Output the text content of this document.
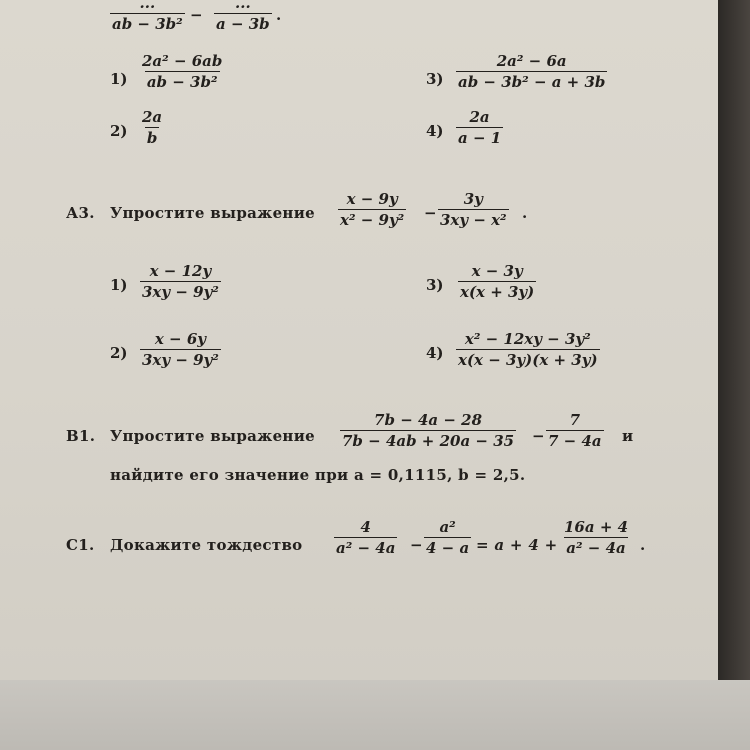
...
ab − 3b² −
...
a − 3b .
$1) \frac{\text{2a² − 6ab}}{\text{ab − 3b²}}$
$2) \frac{2a}{b}$
$3) \frac{\text{2a² − 6a}}{\text{ab − 3b² − a + 3b}}$
$4) \frac{2a}{a - 1}$
А3. Упростите выражение $\frac{x - 9y}{\text{x² − 9y²}} - \frac{3y}{\text{3xy − x²}}$ .
$1) \frac{x - 12y}{\text{3xy − 9y²}}$
$2) \frac{x - 6y}{\text{3xy − 9y²}}$
$3) \frac{x - 3y}{x(x + 3y)}$
$4) \frac{\text{x² − 12xy − 3y²}}{x(x - 3y)(x + 3y)}$
В1. Упростите выражение $\frac{7b - 4a - 28}{7b - 4ab + 20a - 35} - \frac{7}{7 - 4a}$ и
найдите его значение при a = 0,1115, b = 2,5.
С1. Докажите тождество $\frac{4}{\text{a² − 4a}} - \frac{\text{a²}}{4 - a} = a + 4 + \frac{16a + 4}{\text{a² − 4a}}$ .
